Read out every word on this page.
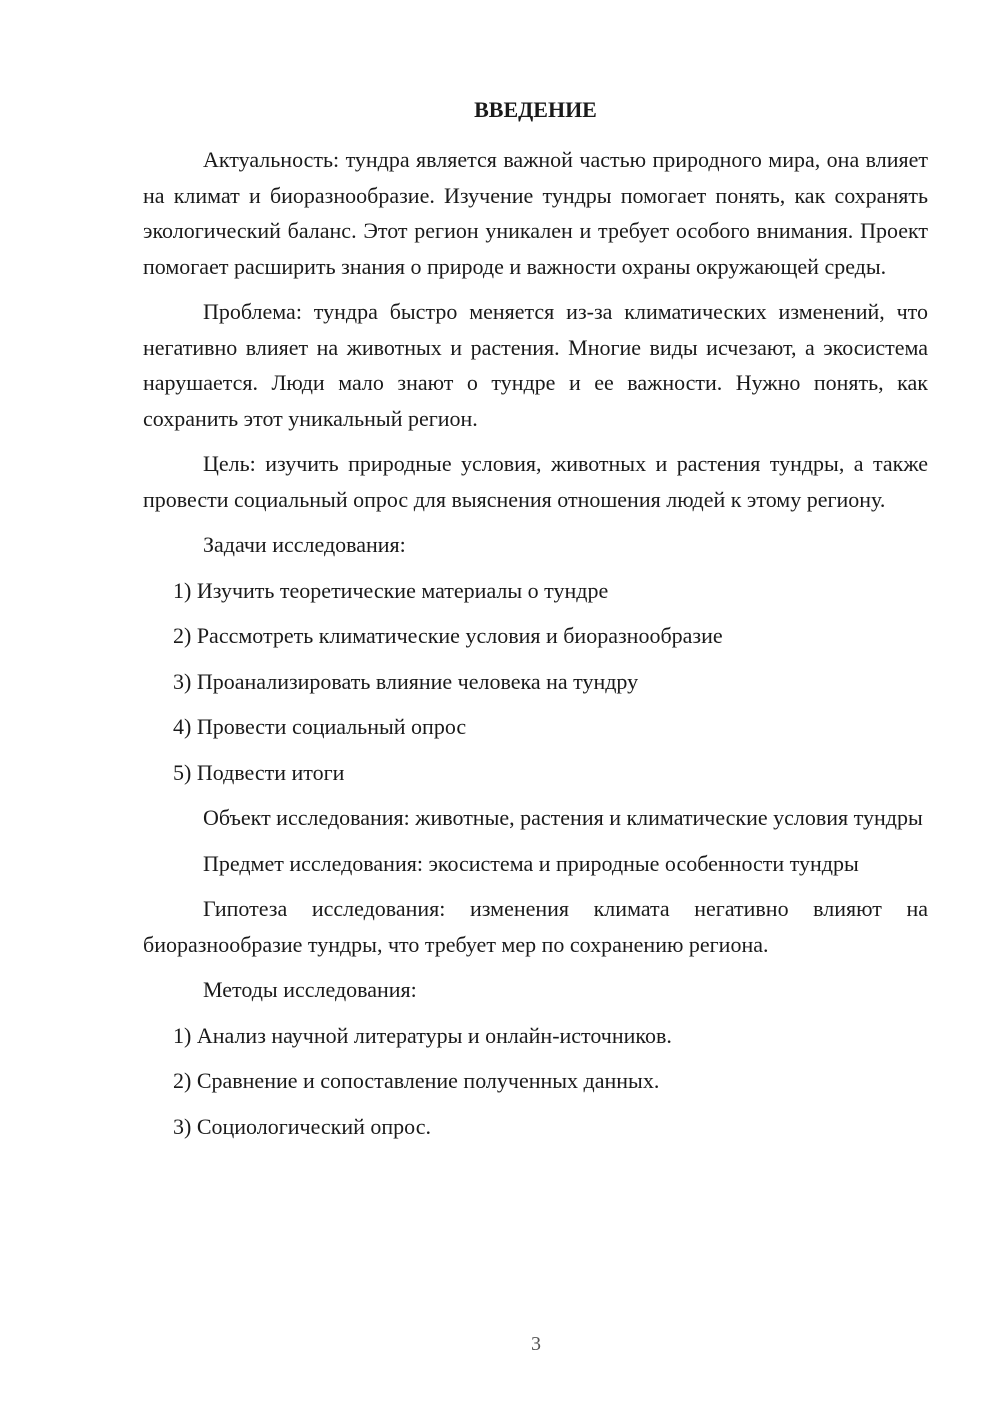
ВВЕДЕНИЕ

Актуальность: тундра является важной частью природного мира, она влияет на климат и биоразнообразие. Изучение тундры помогает понять, как сохранять экологический баланс. Этот регион уникален и требует особого внимания. Проект помогает расширить знания о природе и важности охраны окружающей среды.

Проблема: тундра быстро меняется из-за климатических изменений, что негативно влияет на животных и растения. Многие виды исчезают, а экосистема нарушается. Люди мало знают о тундре и ее важности. Нужно понять, как сохранить этот уникальный регион.

Цель: изучить природные условия, животных и растения тундры, а также провести социальный опрос для выяснения отношения людей к этому региону.

Задачи исследования:

1) Изучить теоретические материалы о тундре
2) Рассмотреть климатические условия и биоразнообразие
3) Проанализировать влияние человека на тундру
4) Провести социальный опрос
5) Подвести итоги

Объект исследования: животные, растения и климатические условия тундры

Предмет исследования: экосистема и природные особенности тундры

Гипотеза исследования: изменения климата негативно влияют на биоразнообразие тундры, что требует мер по сохранению региона.

Методы исследования:

1) Анализ научной литературы и онлайн-источников.
2) Сравнение и сопоставление полученных данных.
3) Социологический опрос.
3
